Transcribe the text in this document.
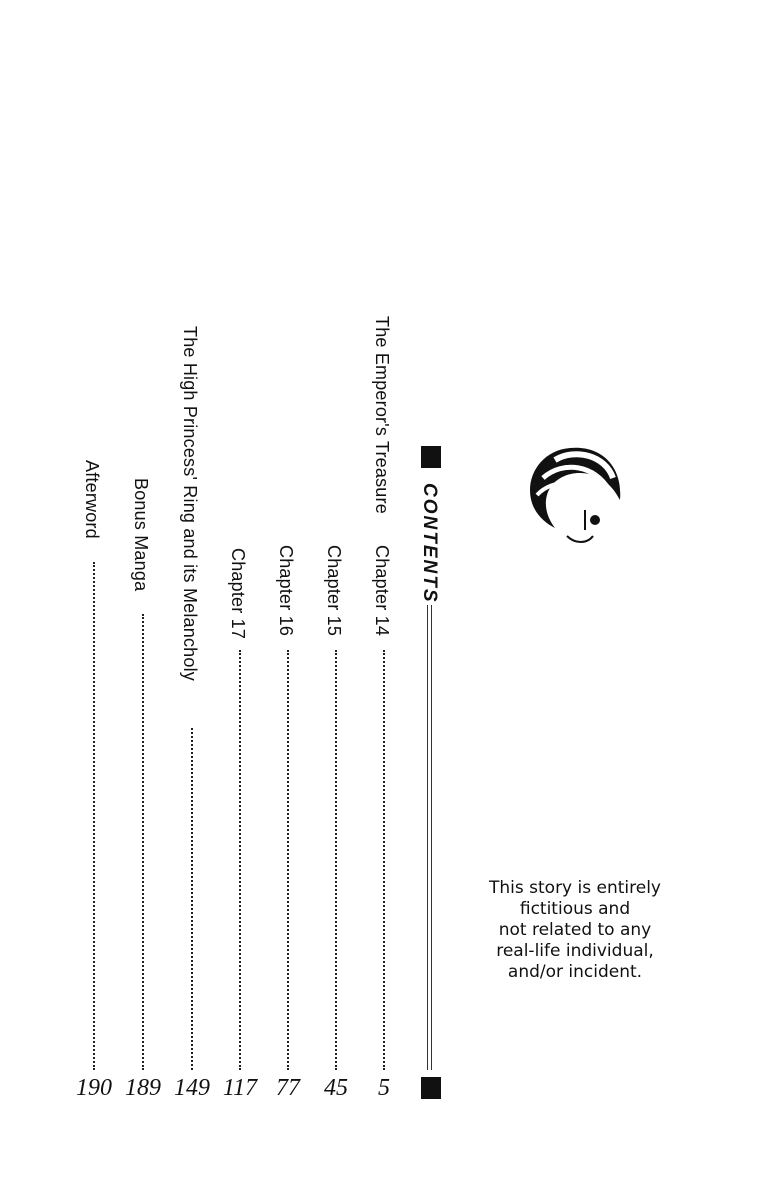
CONTENTS
The Emperor's Treasure
Chapter 14
5
Chapter 15
45
Chapter 16
77
Chapter 17
117
The High Princess' Ring and its Melancholy
149
Bonus Manga
189
Afterword
190
This story is entirely
fictitious and
not related to any
real-life individual,
and/or incident.
